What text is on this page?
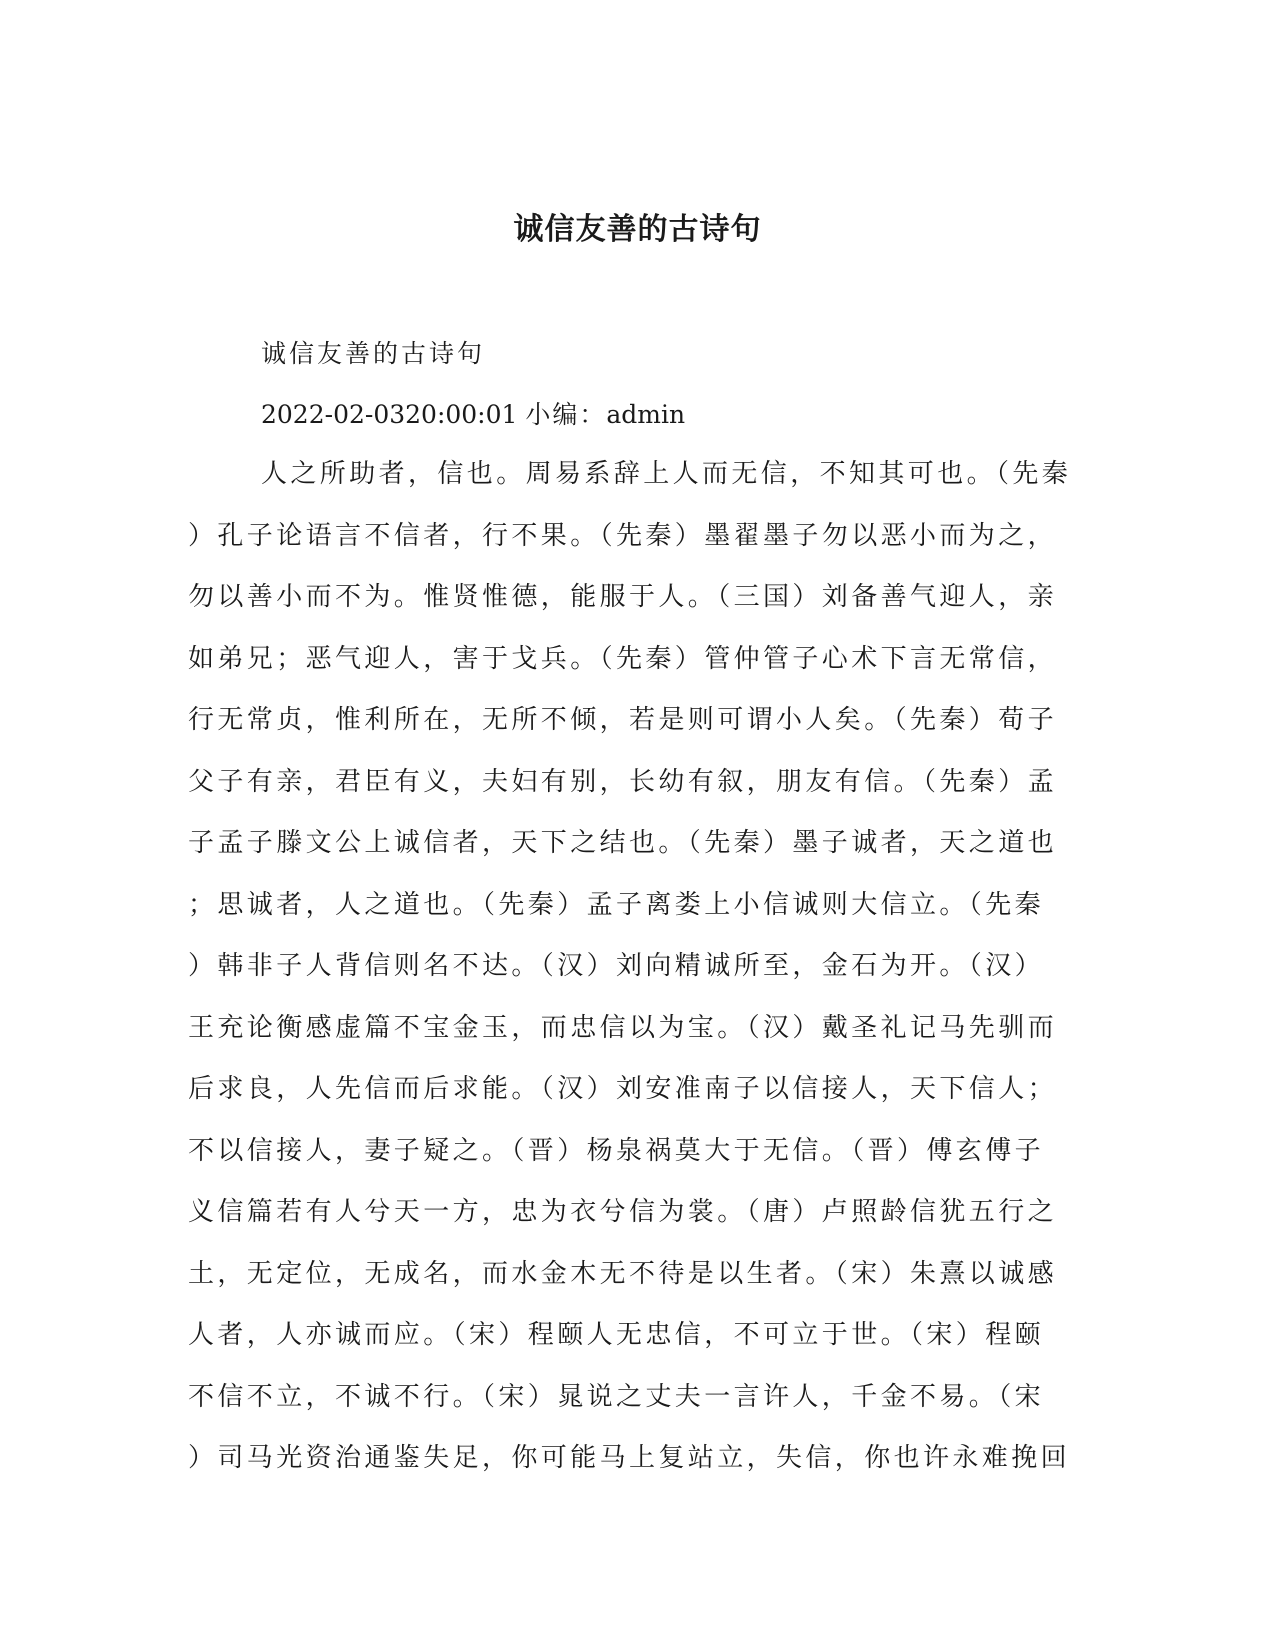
诚信友善的古诗句

诚信友善的古诗句

2022-02-0320:00:01 小编：admin

人之所助者，信也。周易系辞上人而无信，不知其可也。（先秦
）孔子论语言不信者，行不果。（先秦）墨翟墨子勿以恶小而为之，
勿以善小而不为。惟贤惟德，能服于人。（三国）刘备善气迎人，亲
如弟兄；恶气迎人，害于戈兵。（先秦）管仲管子心术下言无常信，
行无常贞，惟利所在，无所不倾，若是则可谓小人矣。（先秦）荀子
父子有亲，君臣有义，夫妇有别，长幼有叙，朋友有信。（先秦）孟
子孟子滕文公上诚信者，天下之结也。（先秦）墨子诚者，天之道也
；思诚者，人之道也。（先秦）孟子离娄上小信诚则大信立。（先秦
）韩非子人背信则名不达。（汉）刘向精诚所至，金石为开。（汉）
王充论衡感虚篇不宝金玉，而忠信以为宝。（汉）戴圣礼记马先驯而
后求良，人先信而后求能。（汉）刘安准南子以信接人，天下信人；
不以信接人，妻子疑之。（晋）杨泉祸莫大于无信。（晋）傅玄傅子
义信篇若有人兮天一方，忠为衣兮信为裳。（唐）卢照龄信犹五行之
土，无定位，无成名，而水金木无不待是以生者。（宋）朱熹以诚感
人者，人亦诚而应。（宋）程颐人无忠信，不可立于世。（宋）程颐
不信不立，不诚不行。（宋）晁说之丈夫一言许人，千金不易。（宋
）司马光资治通鉴失足，你可能马上复站立，失信，你也许永难挽回
